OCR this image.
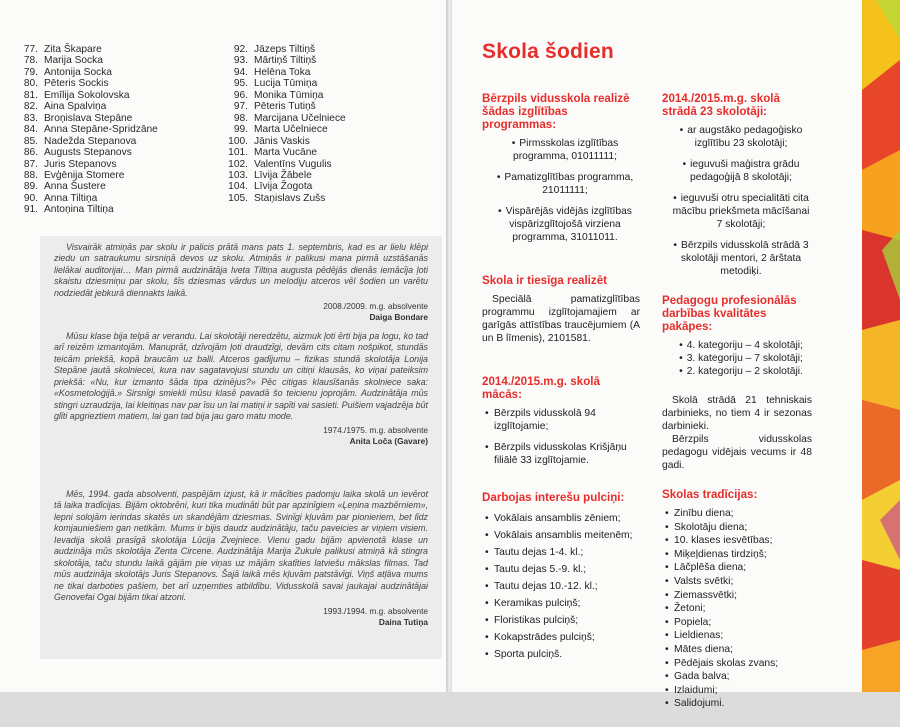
77. Zita Škapare
78. Marija Socka
79. Antonija Socka
80. Pēteris Sockis
81. Emīlija Sokolovska
82. Aina Spalviņa
83. Broņislava Stepāne
84. Anna Stepāne-Spridzāne
85. Nadežda Stepanova
86. Augusts Stepanovs
87. Juris Stepanovs
88. Evģēnija Stomere
89. Anna Šustere
90. Anna Tiltiņa
91. Antoņina Tiltiņa
92. Jāzeps Tiltiņš
93. Mārtiņš Tiltiņš
94. Helēna Toka
95. Lucija Tūmiņa
96. Monika Tūmiņa
97. Pēteris Tutiņš
98. Marcijana Učelniece
99. Marta Učelniece
100. Jānis Vaskis
101. Marta Vucāne
102. Valentīns Vugulis
103. Līvija Žābele
104. Līvija Žogota
105. Staņislavs Zušs

Visvairāk atmiņās par skolu ir palicis prātā mans pats 1. septembris, kad es ar lielu klēpi ziedu un satraukumu sirsniņā devos uz skolu. Atmiņās ir palikusi mana pirmā uzstāšanās lielākai auditorijai… Man pirmā audzinātāja Iveta Tiltiņa augusta pēdējās dienās iemācīja ļoti skaistu dziesmiņu par skolu, šīs dziesmas vārdus un melodiju atceros vēl šodien un varētu nodziedāt jebkurā diennakts laikā.

2008./2009. m.g. absolvente
Daiga Bondare

Mūsu klase bija telpā ar verandu. Lai skolotāji neredzētu, aizmuk ļoti ērti bija pa logu, ko tad arī reizēm izmantojām. Manuprāt, dzīvojām ļoti draudzīgi, devām cits citam nošpikot, stundās teicām priekšā, kopā braucām uz balli. Atceros gadījumu – fizikas stundā skolotāja Lonija Stepāne jautā skolniecei, kura nav sagatavojusi stundu un citiņi klausās, ko viņai pateiksim priekšā: «Nu, kur izmanto šāda tipa dzinējus?» Pēc citigas klausīšanās skolniece saka: «Kosmetoloģijā.» Sirsnīgi smiekli mūsu klasē pavadā šo teicienu joprojām. Audzinātāja mūs stingri uzraudzija, lai kleitiņas nav par īsu un lai matiņi ir sapīti vai sasieti. Puišiem vajadzēja būt glīti apgrieztiem matiem, lai gan tad bija jau garo matu mode.

1974./1975. m.g. absolvente
Anita Loča (Gavare)

Mēs, 1994. gada absolventi, paspējām izjust, kā ir mācīties padomju laika skolā un ievērot tā laika tradīcijas. Bijām oktobrēni, kuri tika mudināti būt par apzinīgiem «Ļeņina mazbērniem», lepni solojām ierindas skatēs un skandējām dziesmas. Svinīgi kļuvām par pionieriem, bet līdz komjauniešiem gan netikām. Mums ir bijis daudz audzinātāju, taču paveicies ar viņiem visiem. Ievadija skolā prasīgā skolotāja Lūcija Zvejniece. Vienu gadu bijām apvienotā klase un audzināja mūs skolotāja Zenta Circene. Audzinātāja Marija Zukule palikusi atmiņā kā stingra skolotāja, taču stundu laikā gājām pie viņas uz mājām skatīties latviešu mākslas filmas. Tad mūs audzināja skolotājs Juris Stepanovs. Šajā laikā mēs kļuvām patstāvīgi. Viņš atļāva mums ne tikai darboties pašiem, bet arī uzņemties atbildību. Vidusskolā savai jaukajai audzinātājai Genovefai Ogai bijām tikai atzoni.

1993./1994. m.g. absolvente
Daina Tutiņa
Skola šodien
Bērzpils vidusskola realizē šādas izglītības programmas:
• Pirmsskolas izglītības programma, 01011111;
• Pamatizglītības programma, 21011111;
• Vispārējās vidējās izglītības vispārizglītojošā virziena programma, 31011011.
Skola ir tiesīga realizēt

Speciālā pamatizglītības programmu izglītojamajiem ar garīgās attīstības traucējumiem (A un B līmenis), 2101581.

2014./2015.m.g. skolā mācās:
• Bērzpils vidusskolā 94 izglītojamie;
• Bērzpils vidusskolas Krišjāņu filiālē 33 izglītojamie.
Darbojas interešu pulciņi:
• Vokālais ansamblis zēniem;
• Vokālais ansamblis meitenēm;
• Tautu dejas 1-4. kl.;
• Tautu dejas 5.-9. kl.;
• Tautu dejas 10.-12. kl.;
• Keramikas pulciņš;
• Floristikas pulciņš;
• Kokapstrādes pulciņš;
• Sporta pulciņš.
2014./2015.m.g. skolā strādā 23 skolotāji:
• ar augstāko pedagoģisko izglītību 23 skolotāji;
• ieguvuši maģistra grādu pedagoģijā 8 skolotāji;
• ieguvuši otru specialitāti cita mācību priekšmeta mācīšanai 7 skolotāji;
• Bērzpils vidusskolā strādā 3 skolotāji mentori, 2 ārštata metodiķi.
Pedagogu profesionālās darbības kvalitātes pakāpes:
• 4. kategoriju – 4 skolotāji;
• 3. kategoriju – 7 skolotāji;
• 2. kategoriju – 2 skolotāji.

Skolā strādā 21 tehniskais darbinieks, no tiem 4 ir sezonas darbinieki.

Bērzpils vidusskolas pedagogu vidējais vecums ir 48 gadi.

Skolas tradīcijas:
• Zinību diena;
• Skolotāju diena;
• 10. klases iesvētības;
• Miķeļdienas tirdziņš;
• Lāčplēša diena;
• Valsts svētki;
• Ziemassvētki;
• Žetoni;
• Popiela;
• Lieldienas;
• Mātes diena;
• Pēdējais skolas zvans;
• Gada balva;
• Izlaidumi;
• Salidojumi.
